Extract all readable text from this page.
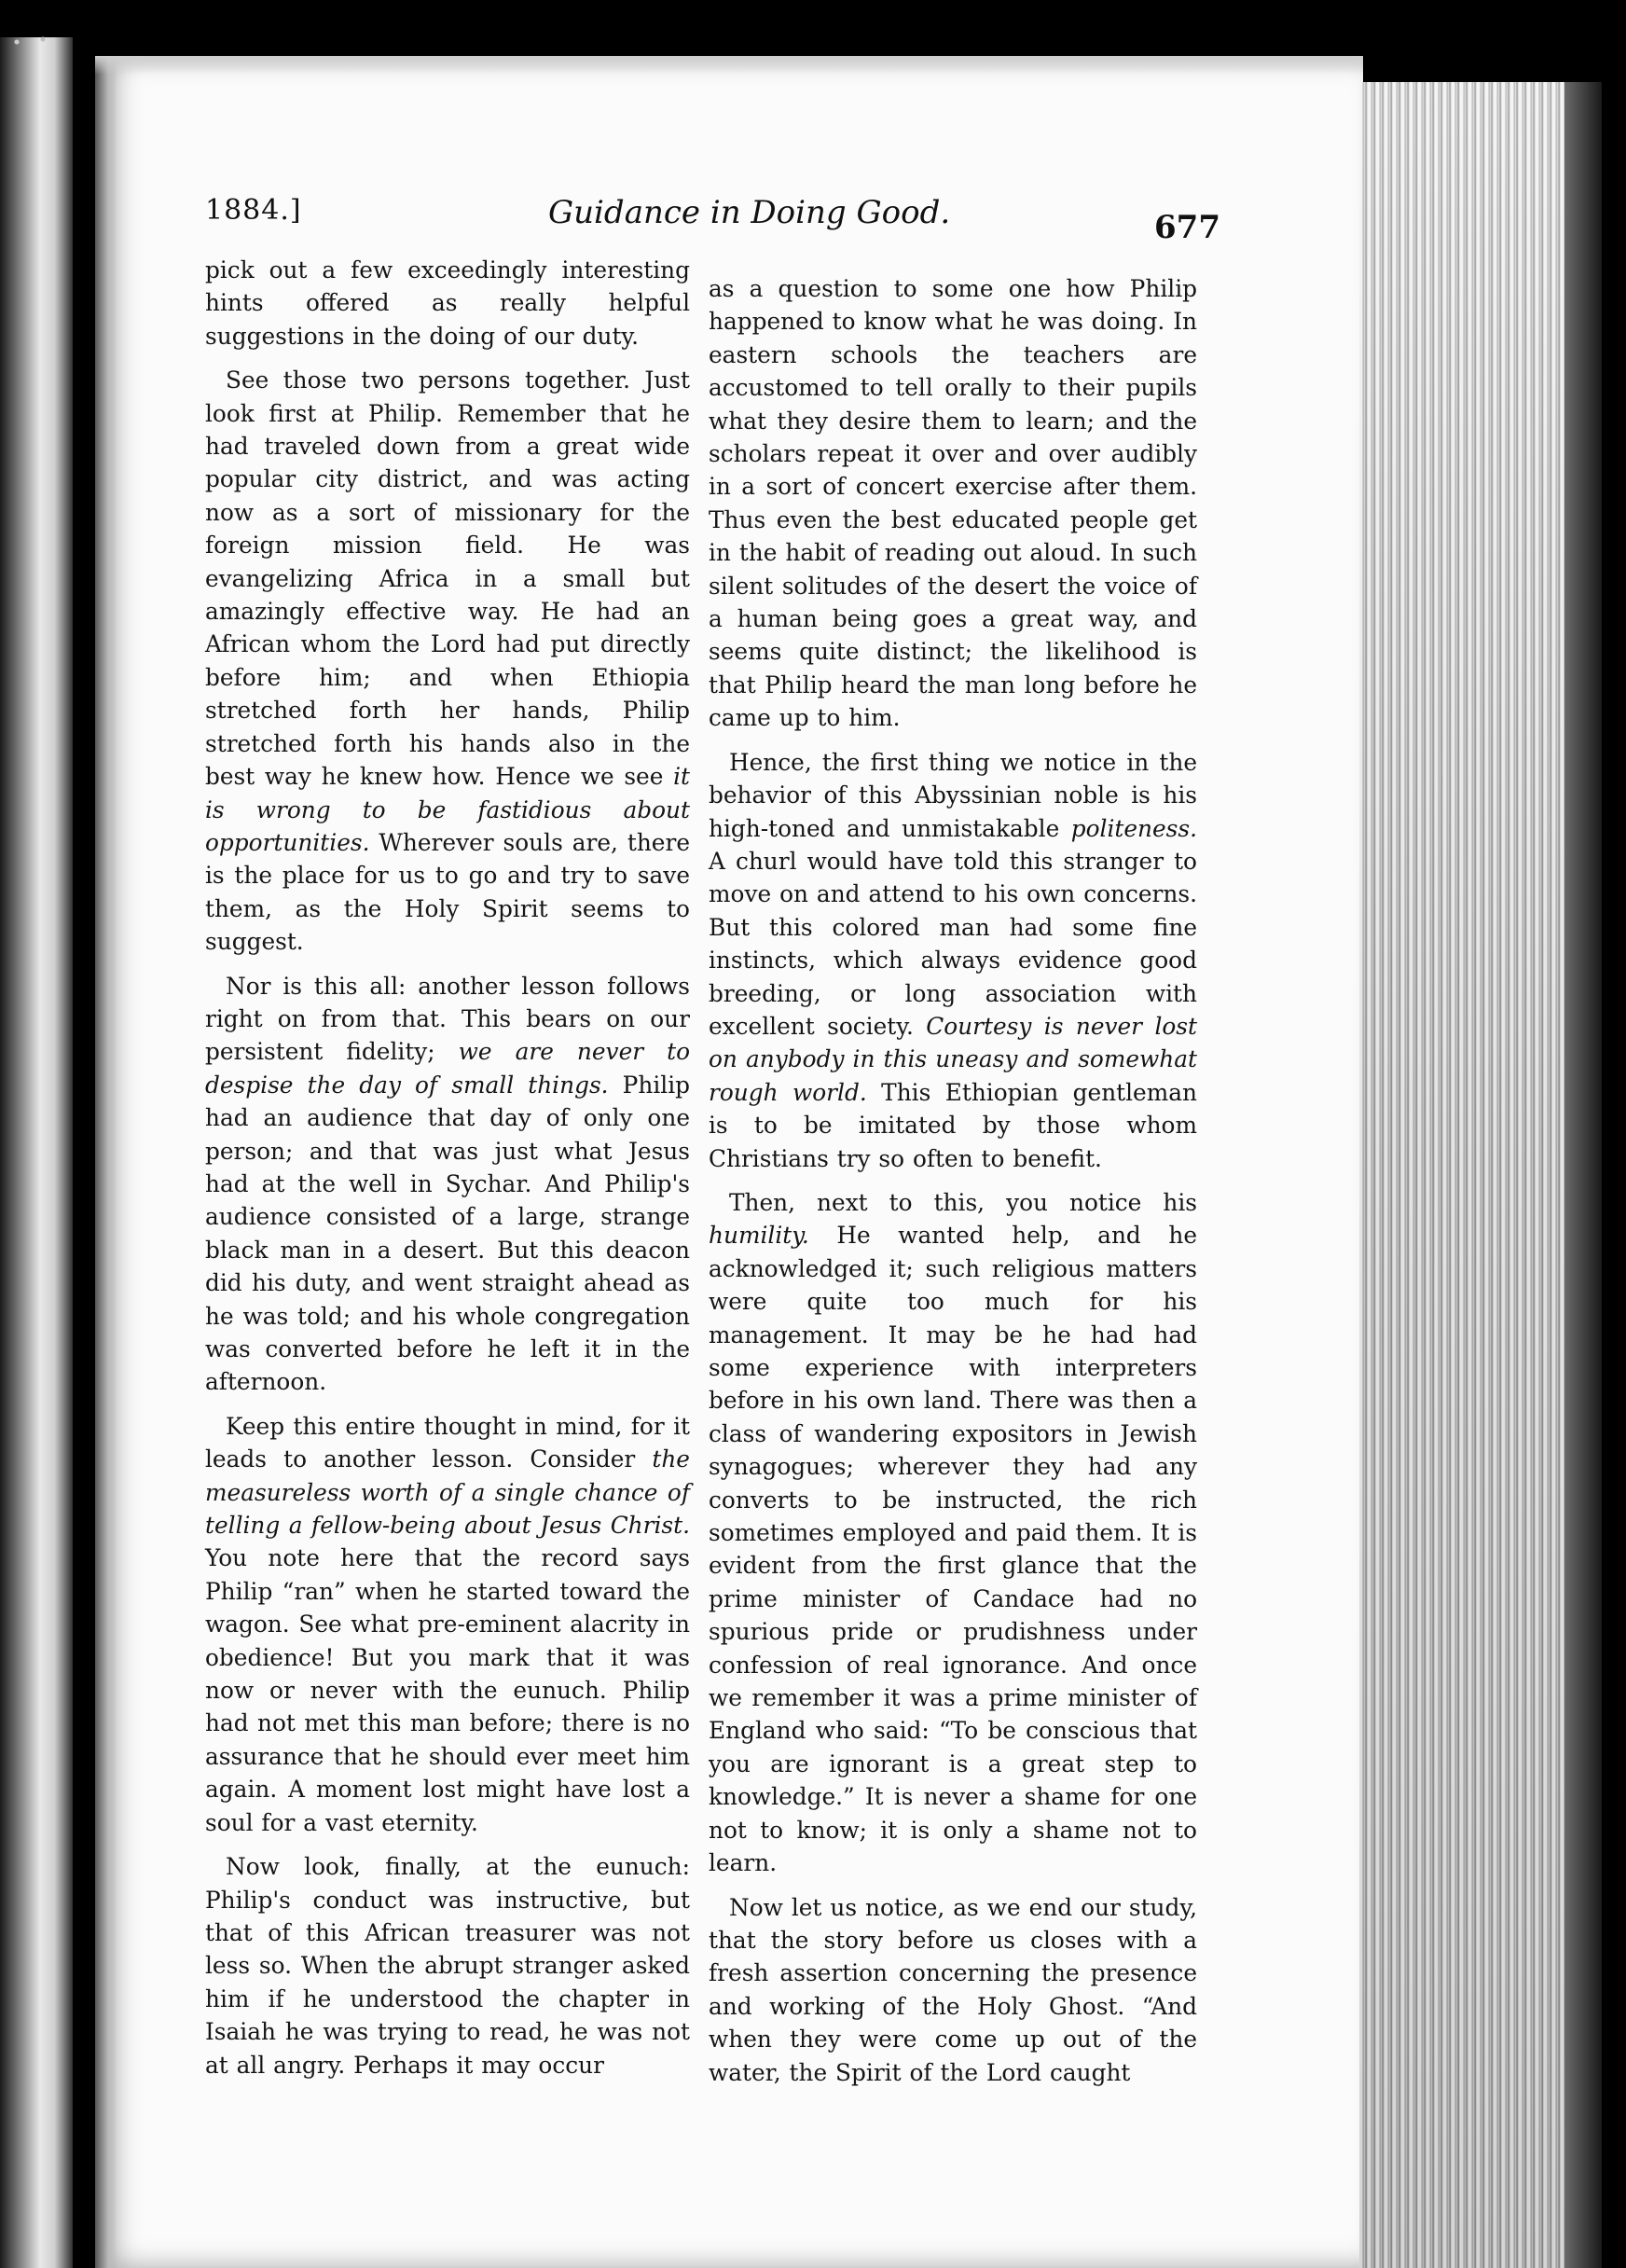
1884.]	Guidance in Doing Good.	677

pick out a few exceedingly interesting hints offered as really helpful suggestions in the doing of our duty.

See those two persons together. Just look first at Philip. Remember that he had traveled down from a great wide popular city district, and was acting now as a sort of missionary for the foreign mission field. He was evangelizing Africa in a small but amazingly effective way. He had an African whom the Lord had put directly before him; and when Ethiopia stretched forth her hands, Philip stretched forth his hands also in the best way he knew how. Hence we see it is wrong to be fastidious about opportunities. Wherever souls are, there is the place for us to go and try to save them, as the Holy Spirit seems to suggest.

Nor is this all: another lesson follows right on from that. This bears on our persistent fidelity; we are never to despise the day of small things. Philip had an audience that day of only one person; and that was just what Jesus had at the well in Sychar. And Philip's audience consisted of a large, strange black man in a desert. But this deacon did his duty, and went straight ahead as he was told; and his whole congregation was converted before he left it in the afternoon.

Keep this entire thought in mind, for it leads to another lesson. Consider the measureless worth of a single chance of telling a fellow-being about Jesus Christ. You note here that the record says Philip “ran” when he started toward the wagon. See what pre-eminent alacrity in obedience! But you mark that it was now or never with the eunuch. Philip had not met this man before; there is no assurance that he should ever meet him again. A moment lost might have lost a soul for a vast eternity.

Now look, finally, at the eunuch: Philip's conduct was instructive, but that of this African treasurer was not less so. When the abrupt stranger asked him if he understood the chapter in Isaiah he was trying to read, he was not at all angry. Perhaps it may occur

as a question to some one how Philip happened to know what he was doing. In eastern schools the teachers are accustomed to tell orally to their pupils what they desire them to learn; and the scholars repeat it over and over audibly in a sort of concert exercise after them. Thus even the best educated people get in the habit of reading out aloud. In such silent solitudes of the desert the voice of a human being goes a great way, and seems quite distinct; the likelihood is that Philip heard the man long before he came up to him.

Hence, the first thing we notice in the behavior of this Abyssinian noble is his high-toned and unmistakable politeness. A churl would have told this stranger to move on and attend to his own concerns. But this colored man had some fine instincts, which always evidence good breeding, or long association with excellent society. Courtesy is never lost on anybody in this uneasy and somewhat rough world. This Ethiopian gentleman is to be imitated by those whom Christians try so often to benefit.

Then, next to this, you notice his humility. He wanted help, and he acknowledged it; such religious matters were quite too much for his management. It may be he had had some experience with interpreters before in his own land. There was then a class of wandering expositors in Jewish synagogues; wherever they had any converts to be instructed, the rich sometimes employed and paid them. It is evident from the first glance that the prime minister of Candace had no spurious pride or prudishness under confession of real ignorance. And once we remember it was a prime minister of England who said: “To be conscious that you are ignorant is a great step to knowledge.” It is never a shame for one not to know; it is only a shame not to learn.

Now let us notice, as we end our study, that the story before us closes with a fresh assertion concerning the presence and working of the Holy Ghost. “And when they were come up out of the water, the Spirit of the Lord caught
